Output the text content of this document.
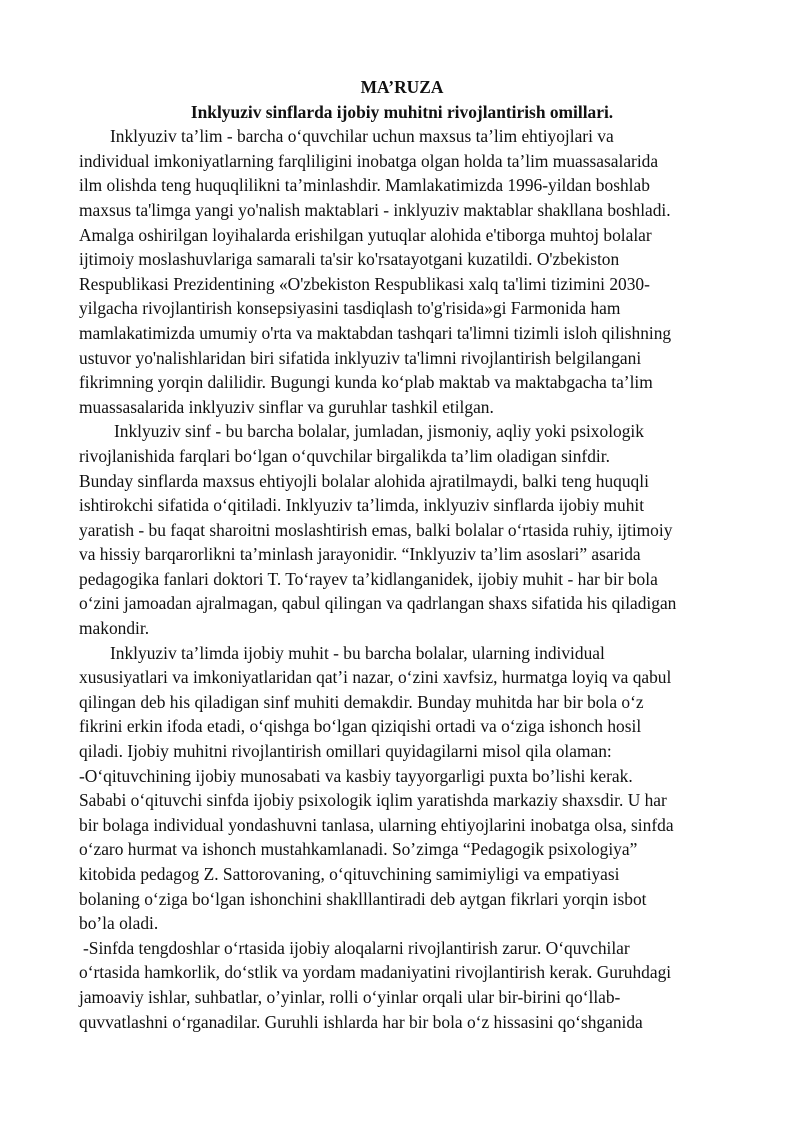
MA’RUZA

Inklyuziv sinflarda ijobiy muhitni rivojlantirish omillari.

Inklyuziv ta’lim - barcha o‘quvchilar uchun maxsus ta’lim ehtiyojlari va
individual imkoniyatlarning farqliligini inobatga olgan holda ta’lim muassasalarida
ilm olishda teng huquqlilikni ta’minlashdir. Mamlakatimizda 1996-yildan boshlab
maxsus ta'limga yangi yo'nalish maktablari - inklyuziv maktablar shakllana boshladi.
Amalga oshirilgan loyihalarda erishilgan yutuqlar alohida e'tiborga muhtoj bolalar
ijtimoiy moslashuvlariga samarali ta'sir ko'rsatayotgani kuzatildi. O'zbekiston
Respublikasi Prezidentining «O'zbekiston Respublikasi xalq ta'limi tizimini 2030-
yilgacha rivojlantirish konsepsiyasini tasdiqlash to'g'risida»gi Farmonida ham
mamlakatimizda umumiy o'rta va maktabdan tashqari ta'limni tizimli isloh qilishning
ustuvor yo'nalishlaridan biri sifatida inklyuziv ta'limni rivojlantirish belgilangani
fikrimning yorqin dalilidir. Bugungi kunda ko‘plab maktab va maktabgacha ta’lim
muassasalarida inklyuziv sinflar va guruhlar tashkil etilgan.

Inklyuziv sinf - bu barcha bolalar, jumladan, jismoniy, aqliy yoki psixologik
rivojlanishida farqlari bo‘lgan o‘quvchilar birgalikda ta’lim oladigan sinfdir.
Bunday sinflarda maxsus ehtiyojli bolalar alohida ajratilmaydi, balki teng huquqli
ishtirokchi sifatida o‘qitiladi. Inklyuziv ta’limda, inklyuziv sinflarda ijobiy muhit
yaratish - bu faqat sharoitni moslashtirish emas, balki bolalar o‘rtasida ruhiy, ijtimoiy
va hissiy barqarorlikni ta’minlash jarayonidir. “Inklyuziv ta’lim asoslari” asarida
pedagogika fanlari doktori T. To‘rayev ta’kidlanganidek, ijobiy muhit - har bir bola
o‘zini jamoadan ajralmagan, qabul qilingan va qadrlangan shaxs sifatida his qiladigan
makondir.

Inklyuziv ta’limda ijobiy muhit - bu barcha bolalar, ularning individual
xususiyatlari va imkoniyatlaridan qat’i nazar, o‘zini xavfsiz, hurmatga loyiq va qabul
qilingan deb his qiladigan sinf muhiti demakdir. Bunday muhitda har bir bola o‘z
fikrini erkin ifoda etadi, o‘qishga bo‘lgan qiziqishi ortadi va o‘ziga ishonch hosil
qiladi. Ijobiy muhitni rivojlantirish omillari quyidagilarni misol qila olaman:

-O‘qituvchining ijobiy munosabati va kasbiy tayyorgarligi puxta bo’lishi kerak.
Sababi o‘qituvchi sinfda ijobiy psixologik iqlim yaratishda markaziy shaxsdir. U har
bir bolaga individual yondashuvni tanlasa, ularning ehtiyojlarini inobatga olsa, sinfda
o‘zaro hurmat va ishonch mustahkamlanadi. So’zimga “Pedagogik psixologiya”
kitobida pedagog Z. Sattorovaning, o‘qituvchining samimiyligi va empatiyasi
bolaning o‘ziga bo‘lgan ishonchini shaklllantiradi deb aytgan fikrlari yorqin isbot
bo’la oladi.

-Sinfda tengdoshlar o‘rtasida ijobiy aloqalarni rivojlantirish zarur. O‘quvchilar
o‘rtasida hamkorlik, do‘stlik va yordam madaniyatini rivojlantirish kerak. Guruhdagi
jamoaviy ishlar, suhbatlar, o’yinlar, rolli o‘yinlar orqali ular bir-birini qo‘llab-
quvvatlashni o‘rganadilar. Guruhli ishlarda har bir bola o‘z hissasini qo‘shganida
